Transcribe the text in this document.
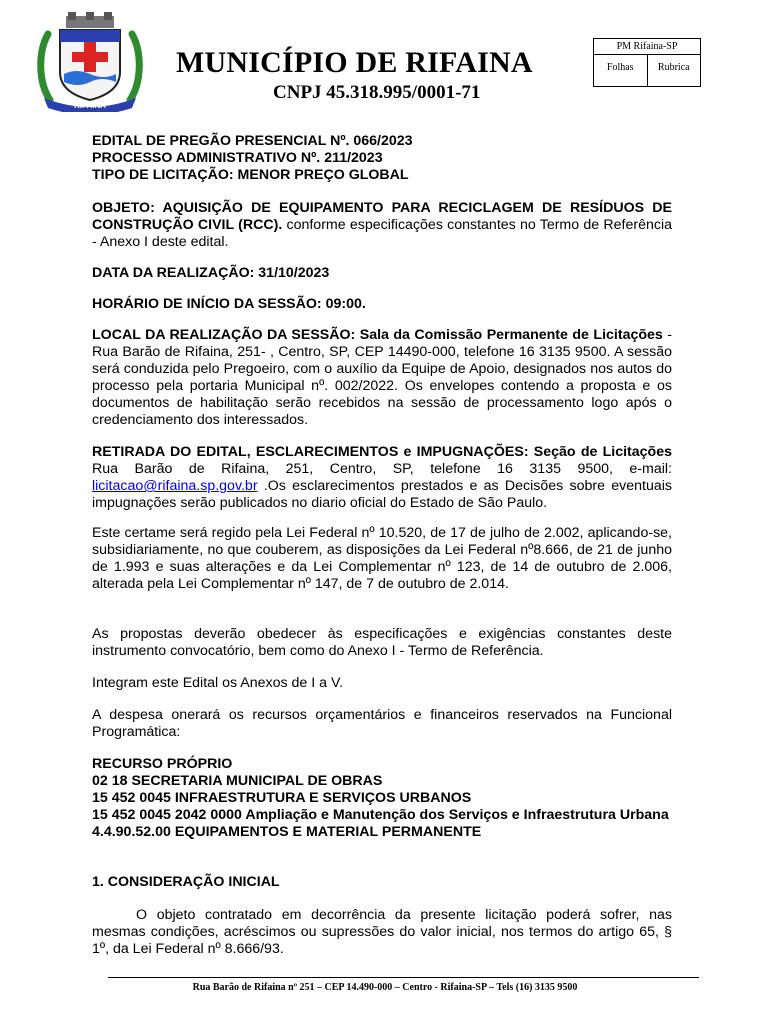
RIFAINA
MUNICÍPIO DE RIFAINA
CNPJ 45.318.995/0001-71
PM Rifaina-SP
Folhas	Rubrica
EDITAL DE PREGÃO PRESENCIAL Nº. 066/2023
PROCESSO ADMINISTRATIVO Nº. 211/2023
TIPO DE LICITAÇÃO: MENOR PREÇO GLOBAL
OBJETO: AQUISIÇÃO DE EQUIPAMENTO PARA RECICLAGEM DE RESÍDUOS DE CONSTRUÇÃO CIVIL (RCC). conforme especificações constantes no Termo de Referência - Anexo I deste edital.
DATA DA REALIZAÇÃO: 31/10/2023
HORÁRIO DE INÍCIO DA SESSÃO: 09:00.
LOCAL DA REALIZAÇÃO DA SESSÃO: Sala da Comissão Permanente de Licitações - Rua Barão de Rifaina, 251- , Centro, SP, CEP 14490-000, telefone 16 3135 9500. A sessão será conduzida pelo Pregoeiro, com o auxílio da Equipe de Apoio, designados nos autos do processo pela portaria Municipal nº. 002/2022. Os envelopes contendo a proposta e os documentos de habilitação serão recebidos na sessão de processamento logo após o credenciamento dos interessados.
RETIRADA DO EDITAL, ESCLARECIMENTOS e IMPUGNAÇÕES: Seção de Licitações Rua Barão de Rifaina, 251, Centro, SP, telefone 16 3135 9500, e-mail: licitacao@rifaina.sp.gov.br .Os esclarecimentos prestados e as Decisões sobre eventuais impugnações serão publicados no diario oficial do Estado de São Paulo.
Este certame será regido pela Lei Federal nº 10.520, de 17 de julho de 2.002, aplicando-se, subsidiariamente, no que couberem, as disposições da Lei Federal nº8.666, de 21 de junho de 1.993 e suas alterações e da Lei Complementar nº 123, de 14 de outubro de 2.006, alterada pela Lei Complementar nº 147, de 7 de outubro de 2.014.
As propostas deverão obedecer às especificações e exigências constantes deste instrumento convocatório, bem como do Anexo I - Termo de Referência.
Integram este Edital os Anexos de I a V.
A despesa onerará os recursos orçamentários e financeiros reservados na Funcional Programática:
RECURSO PRÓPRIO
02 18 SECRETARIA MUNICIPAL DE OBRAS
15 452 0045 INFRAESTRUTURA E SERVIÇOS URBANOS
15 452 0045 2042 0000 Ampliação e Manutenção dos Serviços e Infraestrutura Urbana
4.4.90.52.00 EQUIPAMENTOS E MATERIAL PERMANENTE
1. CONSIDERAÇÃO INICIAL
O objeto contratado em decorrência da presente licitação poderá sofrer, nas mesmas condições, acréscimos ou supressões do valor inicial, nos termos do artigo 65, § 1º, da Lei Federal nº 8.666/93.
Rua Barão de Rifaina nº 251 – CEP 14.490-000 – Centro - Rifaina-SP – Tels (16) 3135 9500
